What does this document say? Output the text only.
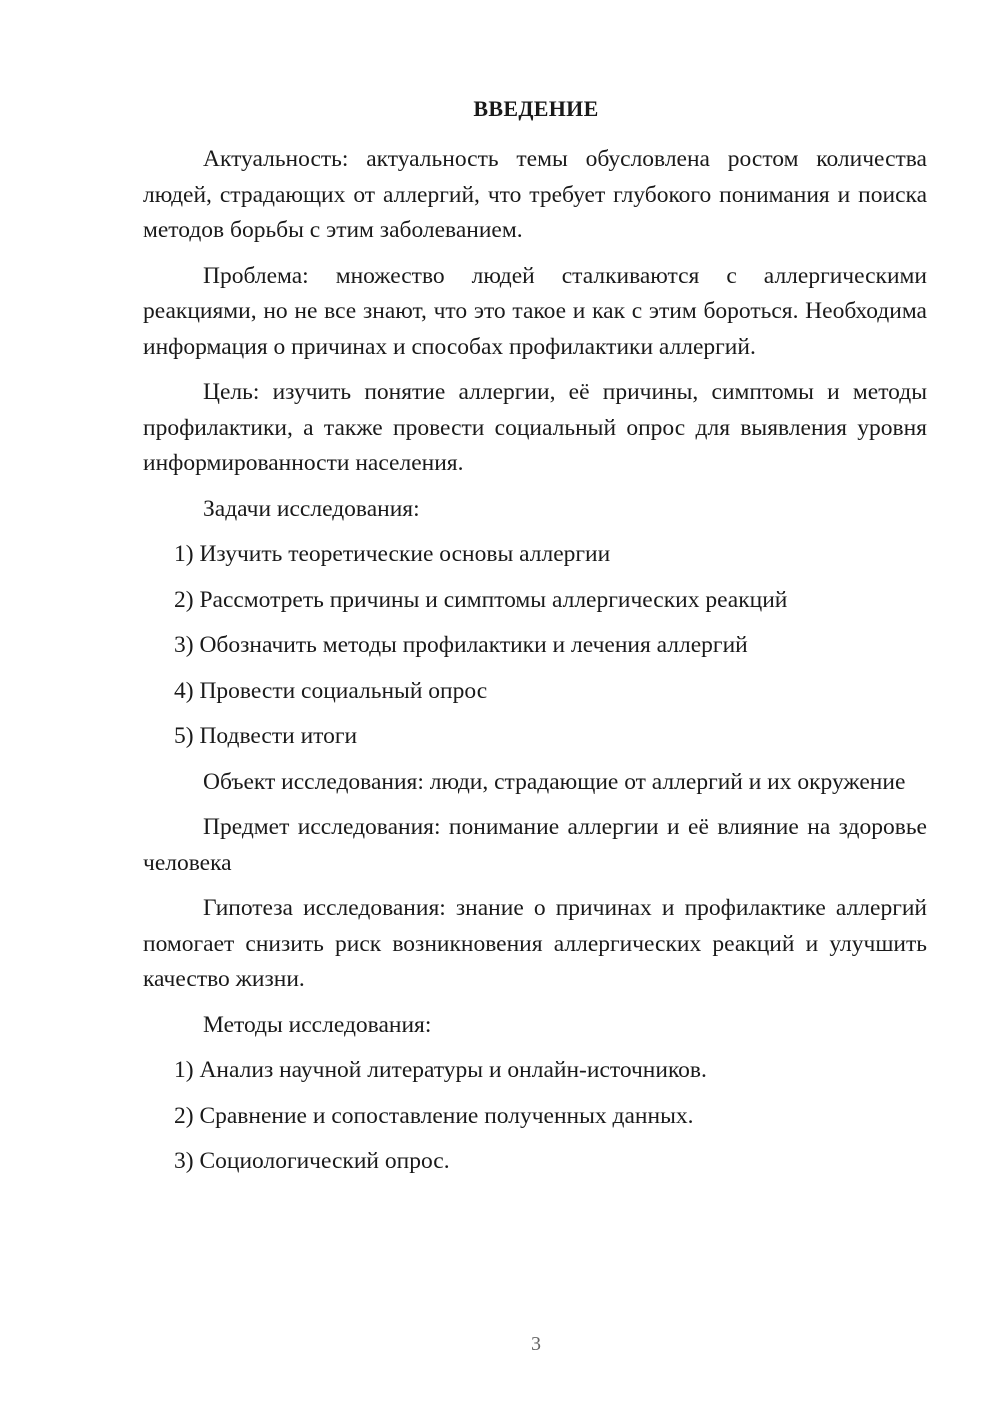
ВВЕДЕНИЕ

Актуальность: актуальность темы обусловлена ростом количества людей, страдающих от аллергий, что требует глубокого понимания и поиска методов борьбы с этим заболеванием.

Проблема: множество людей сталкиваются с аллергическими реакциями, но не все знают, что это такое и как с этим бороться. Необходима информация о причинах и способах профилактики аллергий.

Цель: изучить понятие аллергии, её причины, симптомы и методы профилактики, а также провести социальный опрос для выявления уровня информированности населения.

Задачи исследования:

1) Изучить теоретические основы аллергии

2) Рассмотреть причины и симптомы аллергических реакций

3) Обозначить методы профилактики и лечения аллергий

4) Провести социальный опрос

5) Подвести итоги

Объект исследования: люди, страдающие от аллергий и их окружение

Предмет исследования: понимание аллергии и её влияние на здоровье человека

Гипотеза исследования: знание о причинах и профилактике аллергий помогает снизить риск возникновения аллергических реакций и улучшить качество жизни.

Методы исследования:

1) Анализ научной литературы и онлайн-источников.

2) Сравнение и сопоставление полученных данных.

3) Социологический опрос.

3
